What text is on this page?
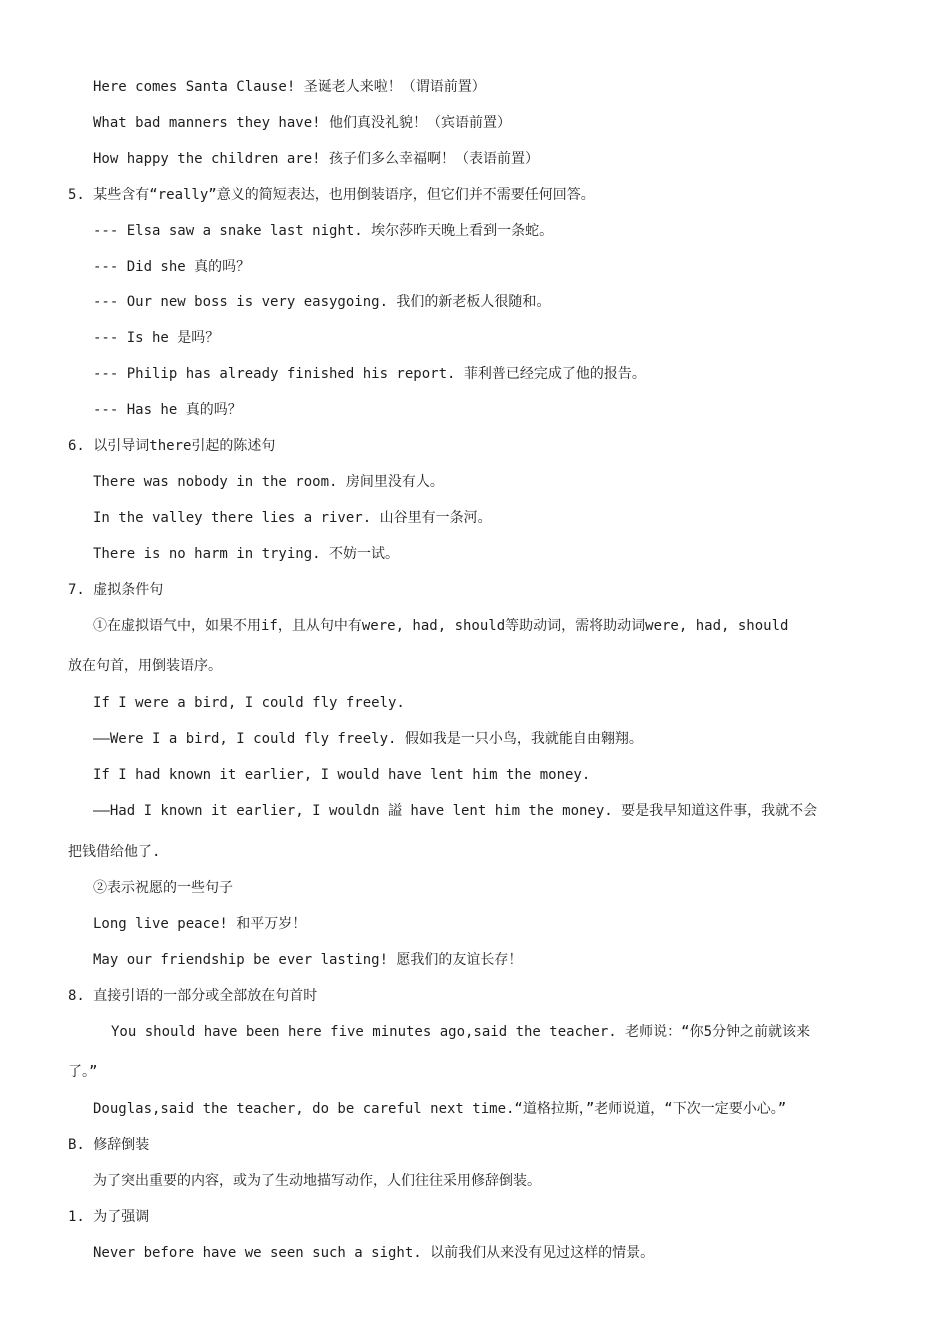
Here comes Santa Clause! 圣诞老人来啦！（谓语前置）
What bad manners they have! 他们真没礼貌！（宾语前置）
How happy the children are! 孩子们多么幸福啊！（表语前置）
5. 某些含有“really”意义的简短表达，也用倒装语序，但它们并不需要任何回答。
--- Elsa saw a snake last night. 埃尔莎昨天晚上看到一条蛇。
--- Did she 真的吗？
--- Our new boss is very easygoing. 我们的新老板人很随和。
--- Is he 是吗？
--- Philip has already finished his report. 菲利普已经完成了他的报告。
--- Has he 真的吗？
6. 以引导词there引起的陈述句
There was nobody in the room. 房间里没有人。
In the valley there lies a river. 山谷里有一条河。
There is no harm in trying. 不妨一试。
7. 虚拟条件句
①在虚拟语气中，如果不用if，且从句中有were, had, should等助动词，需将助动词were, had, should
放在句首，用倒装语序。
If I were a bird, I could fly freely.
——Were I a bird, I could fly freely. 假如我是一只小鸟，我就能自由翱翔。
If I had known it earlier, I would have lent him the money.
——Had I known it earlier, I wouldn 謚 have lent him the money. 要是我早知道这件事，我就不会
把钱借给他了.
②表示祝愿的一些句子
Long live peace! 和平万岁！
May our friendship be ever lasting! 愿我们的友谊长存！
8. 直接引语的一部分或全部放在句首时
You should have been here five minutes ago,said the teacher. 老师说：“你5分钟之前就该来
了。”
Douglas,said the teacher, do be careful next time.“道格拉斯，”老师说道，“下次一定要小心。”
B. 修辞倒装
为了突出重要的内容，或为了生动地描写动作，人们往往采用修辞倒装。
1. 为了强调
Never before have we seen such a sight. 以前我们从来没有见过这样的情景。
